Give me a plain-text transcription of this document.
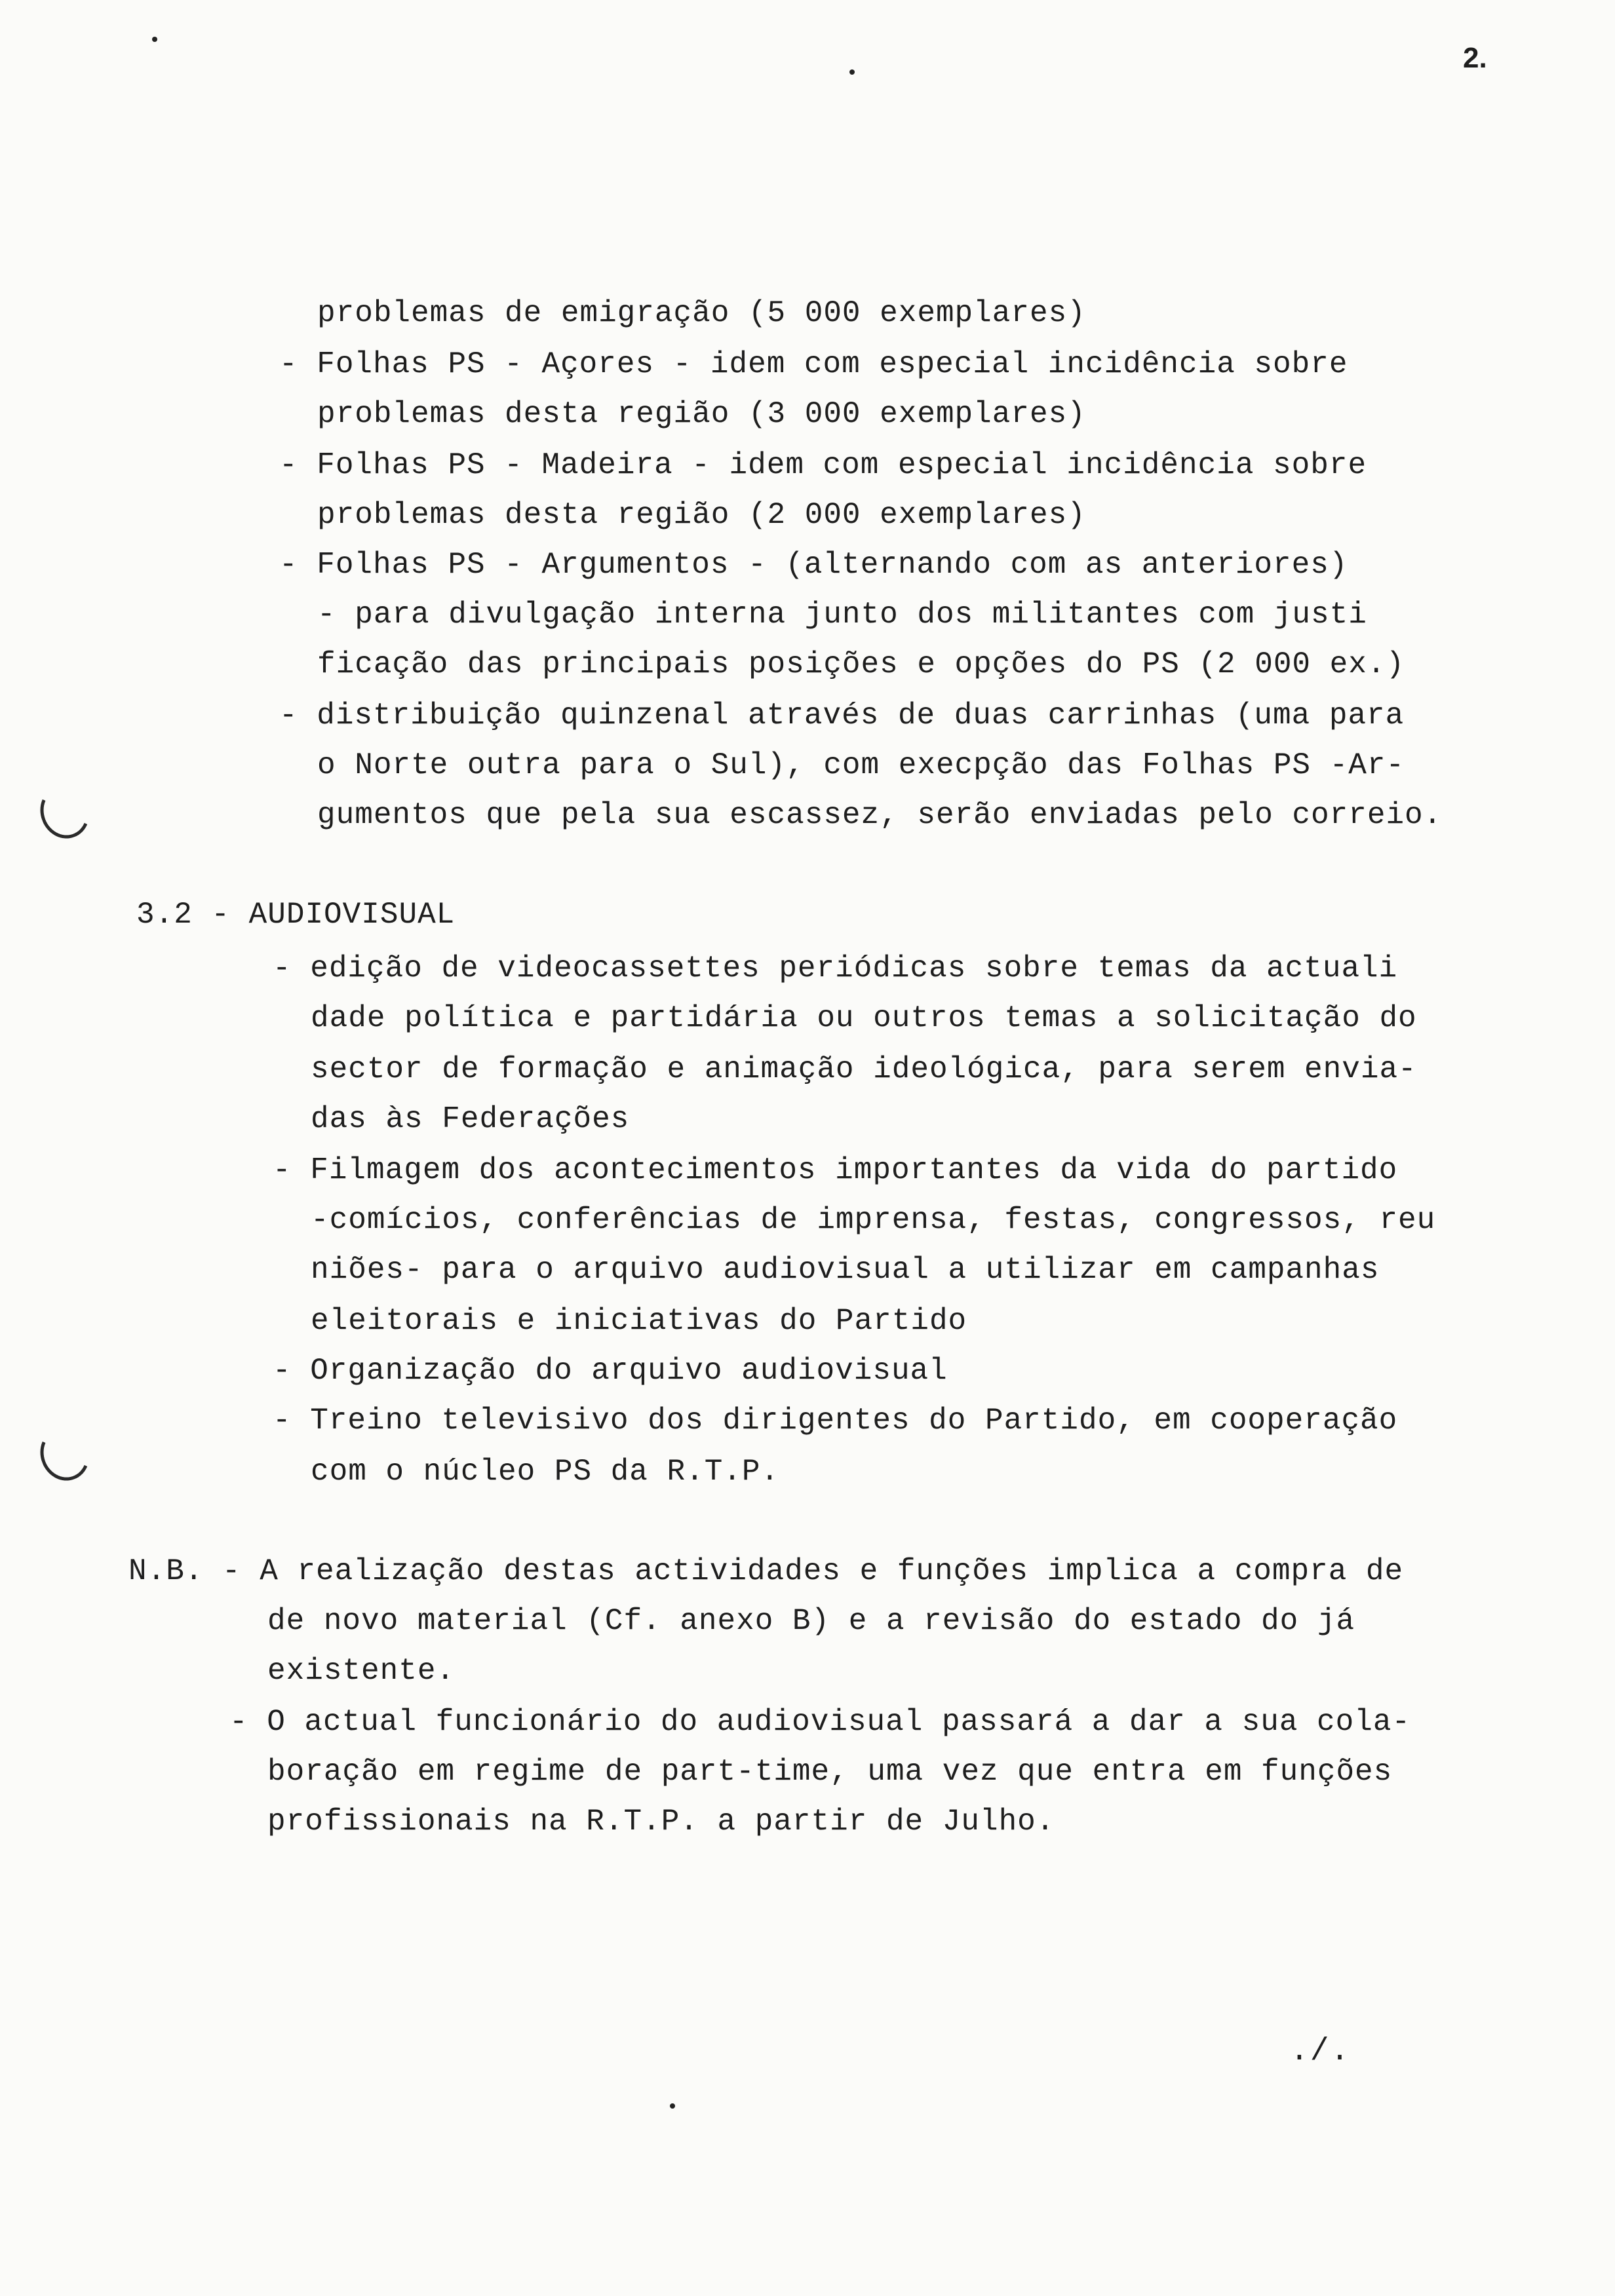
2.
problemas de emigração (5 000 exemplares)
- Folhas PS - Açores - idem com especial incidência sobre
problemas desta região (3 000 exemplares)
- Folhas PS - Madeira - idem com especial incidência sobre
problemas desta região (2 000 exemplares)
- Folhas PS - Argumentos - (alternando com as anteriores)
- para divulgação interna junto dos militantes com justi
ficação das principais posições e opções do PS (2 000 ex.)
- distribuição quinzenal através de duas carrinhas (uma para
o Norte outra para o Sul), com execpção das Folhas PS -Ar-
gumentos que pela sua escassez, serão enviadas pelo correio.
3.2 - AUDIOVISUAL
- edição de videocassettes periódicas sobre temas da actuali
dade política e partidária ou outros temas a solicitação do
sector de formação e animação ideológica, para serem envia-
das às Federações
- Filmagem dos acontecimentos importantes da vida do partido
-comícios, conferências de imprensa, festas, congressos, reu
niões- para o arquivo audiovisual a utilizar em campanhas
eleitorais e iniciativas do Partido
- Organização do arquivo audiovisual
- Treino televisivo dos dirigentes do Partido, em cooperação
com o núcleo PS da R.T.P.
N.B. - A realização destas actividades e funções implica a compra de
de novo material (Cf. anexo B) e a revisão do estado do já
existente.
- O actual funcionário do audiovisual passará a dar a sua cola-
boração em regime de part-time, uma vez que entra em funções
profissionais na R.T.P. a partir de Julho.
./.
